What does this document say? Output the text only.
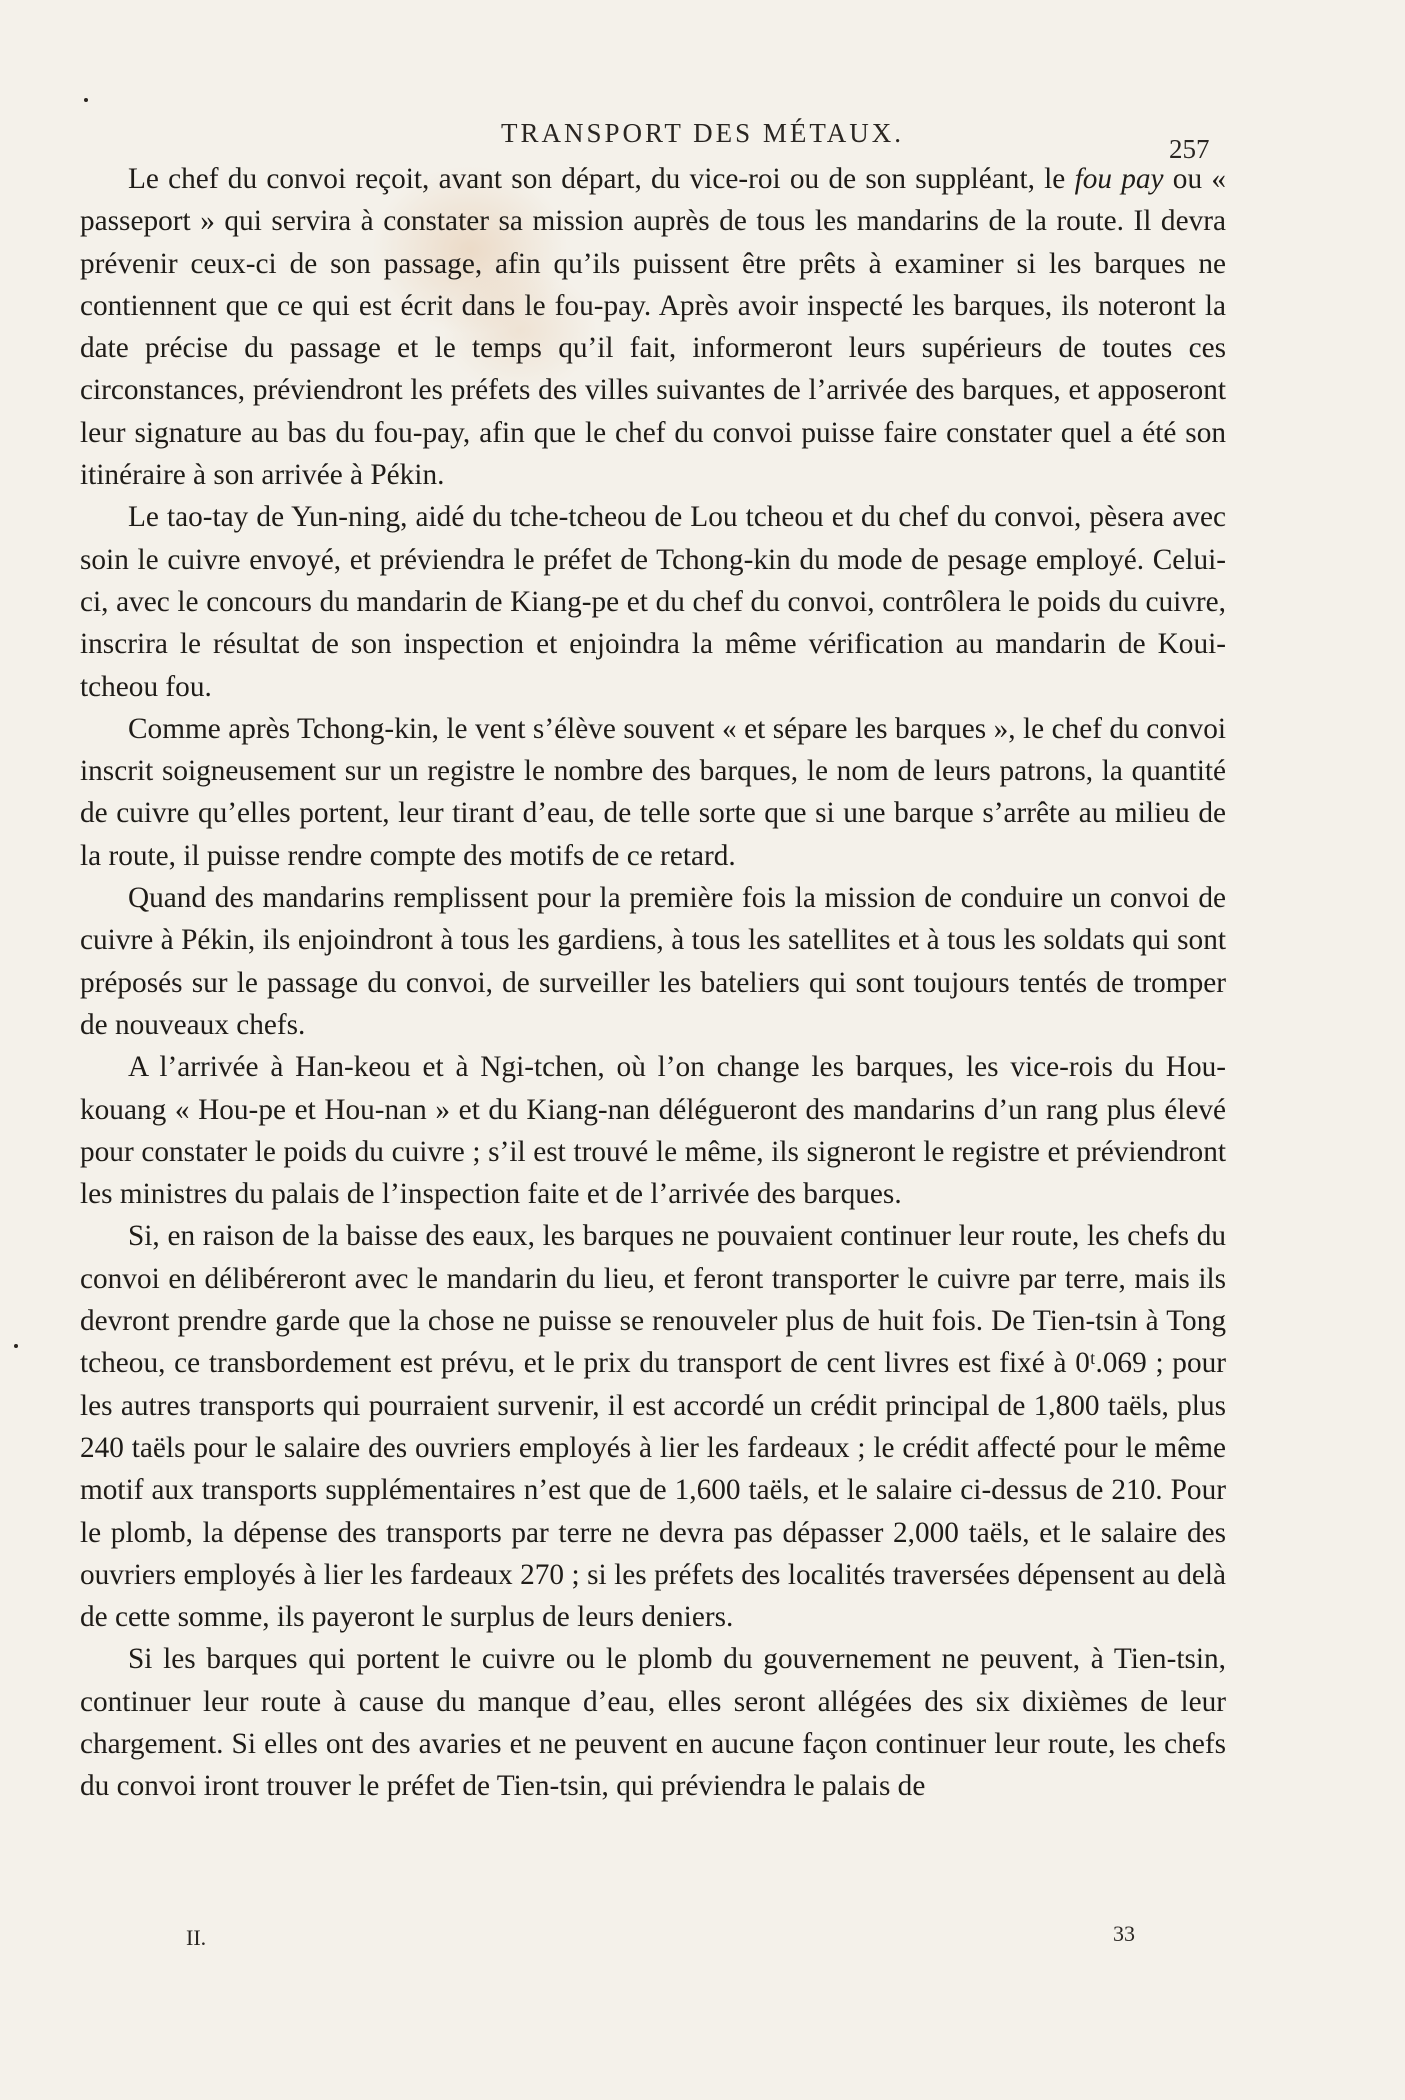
TRANSPORT DES MÉTAUX.
257

Le chef du convoi reçoit, avant son départ, du vice-roi ou de son suppléant, le fou pay ou « passeport » qui servira à constater sa mission auprès de tous les mandarins de la route. Il devra prévenir ceux-ci de son passage, afin qu’ils puissent être prêts à examiner si les barques ne contiennent que ce qui est écrit dans le fou-pay. Après avoir inspecté les barques, ils noteront la date précise du passage et le temps qu’il fait, informeront leurs supérieurs de toutes ces circonstances, préviendront les préfets des villes suivantes de l’arrivée des barques, et apposeront leur signature au bas du fou-pay, afin que le chef du convoi puisse faire constater quel a été son itinéraire à son arrivée à Pékin.

Le tao-tay de Yun-ning, aidé du tche-tcheou de Lou tcheou et du chef du convoi, pèsera avec soin le cuivre envoyé, et préviendra le préfet de Tchong-kin du mode de pesage employé. Celui-ci, avec le concours du mandarin de Kiang-pe et du chef du convoi, contrôlera le poids du cuivre, inscrira le résultat de son inspection et enjoindra la même vérification au mandarin de Koui-tcheou fou.

Comme après Tchong-kin, le vent s’élève souvent « et sépare les barques », le chef du convoi inscrit soigneusement sur un registre le nombre des barques, le nom de leurs patrons, la quantité de cuivre qu’elles portent, leur tirant d’eau, de telle sorte que si une barque s’arrête au milieu de la route, il puisse rendre compte des motifs de ce retard.

Quand des mandarins remplissent pour la première fois la mission de conduire un convoi de cuivre à Pékin, ils enjoindront à tous les gardiens, à tous les satellites et à tous les soldats qui sont préposés sur le passage du convoi, de surveiller les bateliers qui sont toujours tentés de tromper de nouveaux chefs.

A l’arrivée à Han-keou et à Ngi-tchen, où l’on change les barques, les vice-rois du Hou-kouang « Hou-pe et Hou-nan » et du Kiang-nan délégueront des mandarins d’un rang plus élevé pour constater le poids du cuivre ; s’il est trouvé le même, ils signeront le registre et préviendront les ministres du palais de l’inspection faite et de l’arrivée des barques.

Si, en raison de la baisse des eaux, les barques ne pouvaient continuer leur route, les chefs du convoi en délibéreront avec le mandarin du lieu, et feront transporter le cuivre par terre, mais ils devront prendre garde que la chose ne puisse se renouveler plus de huit fois. De Tien-tsin à Tong tcheou, ce transbordement est prévu, et le prix du transport de cent livres est fixé à 0ᵗ.069 ; pour les autres transports qui pourraient survenir, il est accordé un crédit principal de 1,800 taëls, plus 240 taëls pour le salaire des ouvriers employés à lier les fardeaux ; le crédit affecté pour le même motif aux transports supplémentaires n’est que de 1,600 taëls, et le salaire ci-dessus de 210. Pour le plomb, la dépense des transports par terre ne devra pas dépasser 2,000 taëls, et le salaire des ouvriers employés à lier les fardeaux 270 ; si les préfets des localités traversées dépensent au delà de cette somme, ils payeront le surplus de leurs deniers.

Si les barques qui portent le cuivre ou le plomb du gouvernement ne peuvent, à Tien-tsin, continuer leur route à cause du manque d’eau, elles seront allégées des six dixièmes de leur chargement. Si elles ont des avaries et ne peuvent en aucune façon continuer leur route, les chefs du convoi iront trouver le préfet de Tien-tsin, qui préviendra le palais de

II.	33
